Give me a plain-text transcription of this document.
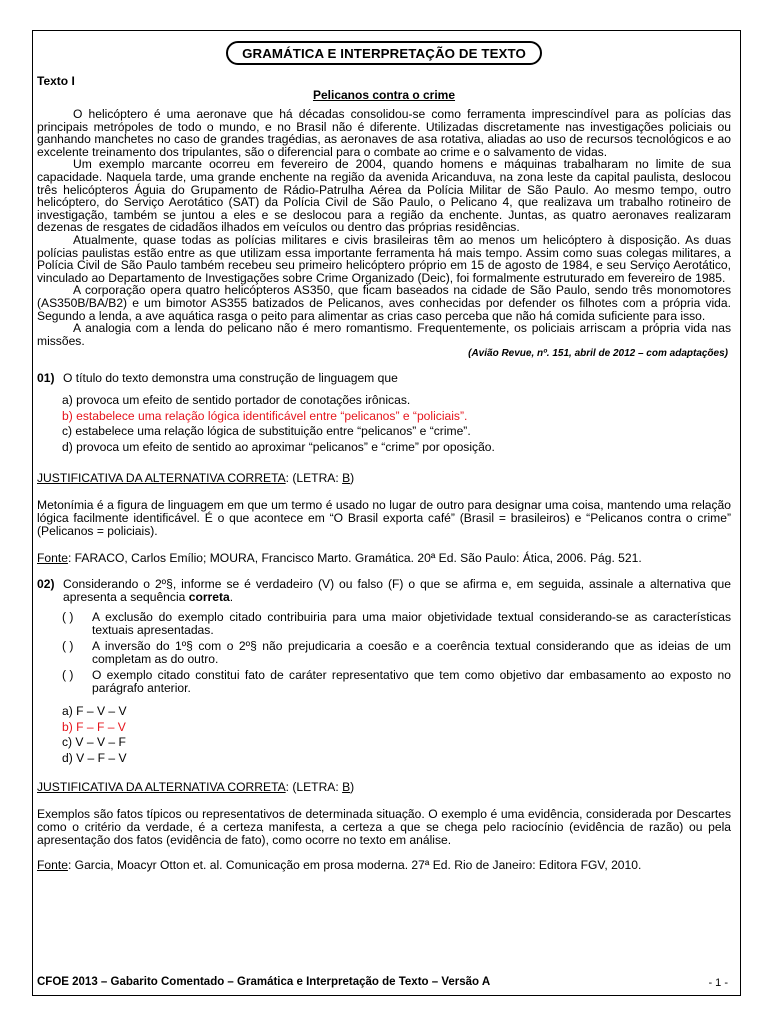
GRAMÁTICA E INTERPRETAÇÃO DE TEXTO
Texto I
Pelicanos contra o crime

O helicóptero é uma aeronave que há décadas consolidou-se como ferramenta imprescindível para as polícias das principais metrópoles de todo o mundo, e no Brasil não é diferente. Utilizadas discretamente nas investigações policiais ou ganhando manchetes no caso de grandes tragédias, as aeronaves de asa rotativa, aliadas ao uso de recursos tecnológicos e ao excelente treinamento dos tripulantes, são o diferencial para o combate ao crime e o salvamento de vidas.

Um exemplo marcante ocorreu em fevereiro de 2004, quando homens e máquinas trabalharam no limite de sua capacidade. Naquela tarde, uma grande enchente na região da avenida Aricanduva, na zona leste da capital paulista, deslocou três helicópteros Águia do Grupamento de Rádio-Patrulha Aérea da Polícia Militar de São Paulo. Ao mesmo tempo, outro helicóptero, do Serviço Aerotático (SAT) da Polícia Civil de São Paulo, o Pelicano 4, que realizava um trabalho rotineiro de investigação, também se juntou a eles e se deslocou para a região da enchente. Juntas, as quatro aeronaves realizaram dezenas de resgates de cidadãos ilhados em veículos ou dentro das próprias residências.

Atualmente, quase todas as polícias militares e civis brasileiras têm ao menos um helicóptero à disposição. As duas polícias paulistas estão entre as que utilizam essa importante ferramenta há mais tempo. Assim como suas colegas militares, a Polícia Civil de São Paulo também recebeu seu primeiro helicóptero próprio em 15 de agosto de 1984, e seu Serviço Aerotático, vinculado ao Departamento de Investigações sobre Crime Organizado (Deic), foi formalmente estruturado em fevereiro de 1985.

A corporação opera quatro helicópteros AS350, que ficam baseados na cidade de São Paulo, sendo três monomotores (AS350B/BA/B2) e um bimotor AS355 batizados de Pelicanos, aves conhecidas por defender os filhotes com a própria vida. Segundo a lenda, a ave aquática rasga o peito para alimentar as crias caso perceba que não há comida suficiente para isso.

A analogia com a lenda do pelicano não é mero romantismo. Frequentemente, os policiais arriscam a própria vida nas missões.

(Avião Revue, nº. 151, abril de 2012 – com adaptações)
01) O título do texto demonstra uma construção de linguagem que
a) provoca um efeito de sentido portador de conotações irônicas.
b) estabelece uma relação lógica identificável entre “pelicanos” e “policiais”.
c) estabelece uma relação lógica de substituição entre “pelicanos” e “crime”.
d) provoca um efeito de sentido ao aproximar “pelicanos” e “crime” por oposição.
JUSTIFICATIVA DA ALTERNATIVA CORRETA: (LETRA: B)
Metonímia é a figura de linguagem em que um termo é usado no lugar de outro para designar uma coisa, mantendo uma relação lógica facilmente identificável. É o que acontece em “O Brasil exporta café” (Brasil = brasileiros) e “Pelicanos contra o crime” (Pelicanos = policiais).
Fonte: FARACO, Carlos Emílio; MOURA, Francisco Marto. Gramática. 20ª Ed. São Paulo: Ática, 2006. Pág. 521.
02) Considerando o 2º§, informe se é verdadeiro (V) ou falso (F) o que se afirma e, em seguida, assinale a alternativa que apresenta a sequência correta.
( )	A exclusão do exemplo citado contribuiria para uma maior objetividade textual considerando-se as características textuais apresentadas.
( )	A inversão do 1º§ com o 2º§ não prejudicaria a coesão e a coerência textual considerando que as ideias de um completam as do outro.
( )	O exemplo citado constitui fato de caráter representativo que tem como objetivo dar embasamento ao exposto no parágrafo anterior.
a) F – V – V
b) F – F – V
c) V – V – F
d) V – F – V
JUSTIFICATIVA DA ALTERNATIVA CORRETA: (LETRA: B)
Exemplos são fatos típicos ou representativos de determinada situação. O exemplo é uma evidência, considerada por Descartes como o critério da verdade, é a certeza manifesta, a certeza a que se chega pelo raciocínio (evidência de razão) ou pela apresentação dos fatos (evidência de fato), como ocorre no texto em análise.
Fonte: Garcia, Moacyr Otton et. al. Comunicação em prosa moderna. 27ª Ed. Rio de Janeiro: Editora FGV, 2010.
CFOE 2013 – Gabarito Comentado – Gramática e Interpretação de Texto – Versão A	- 1 -
